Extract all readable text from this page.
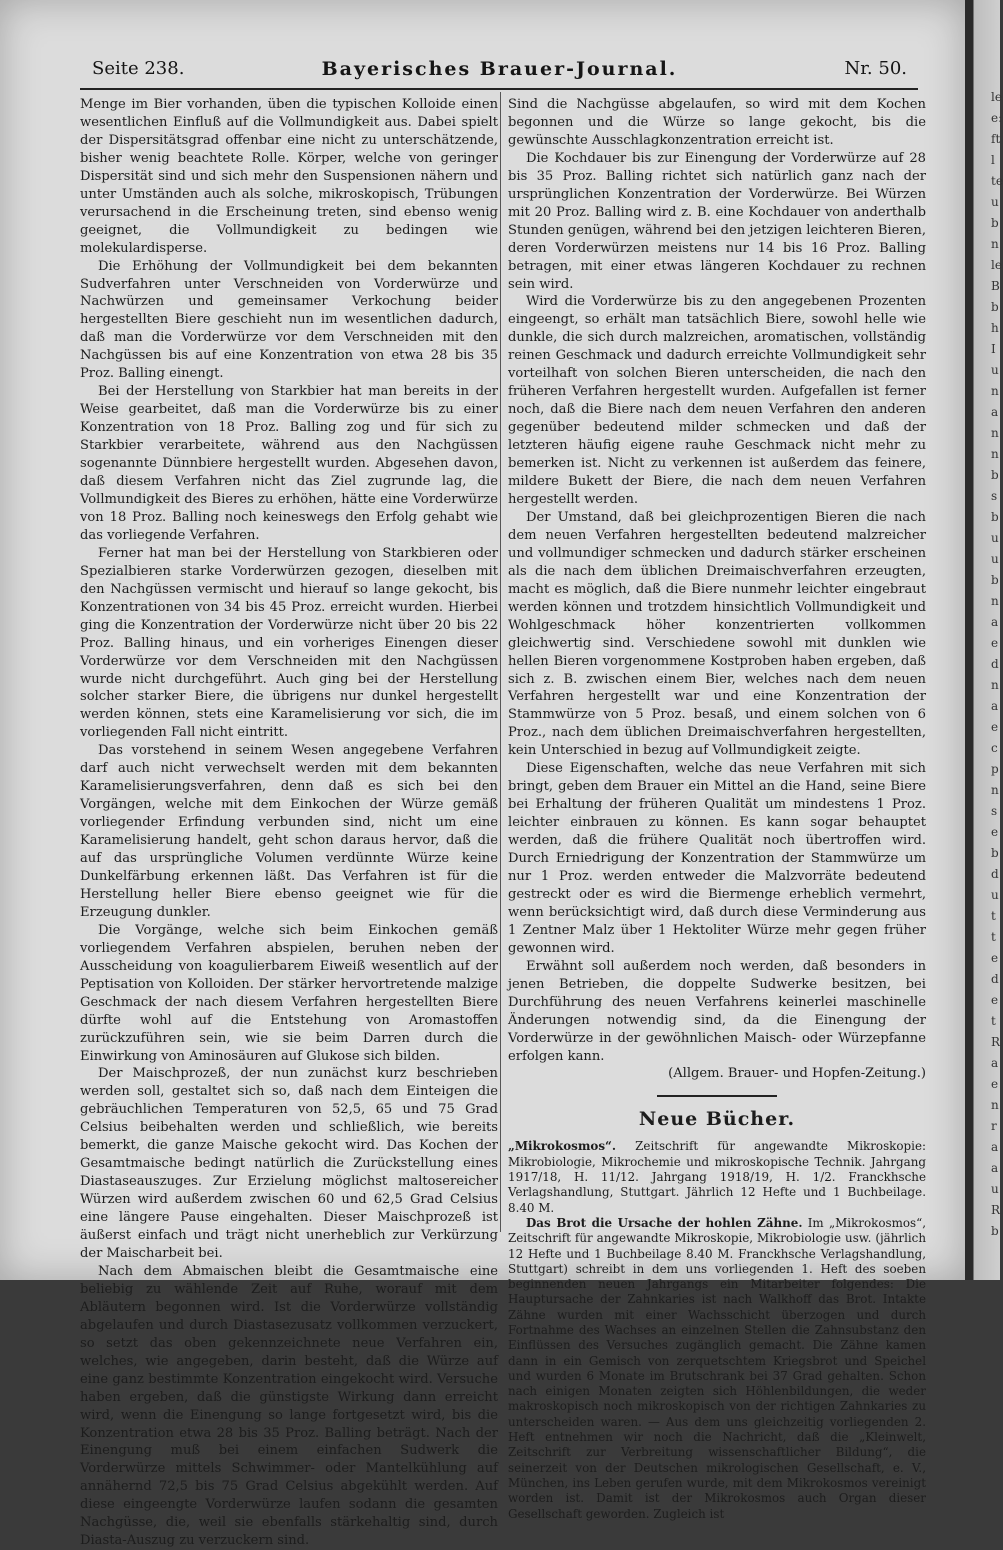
Seite 238.	Bayerisches Brauer-Journal.	Nr. 50.

Menge im Bier vorhanden, üben die typischen Kolloide einen wesentlichen Einfluß auf die Vollmundigkeit aus. Dabei spielt der Dispersitätsgrad offenbar eine nicht zu unterschätzende, bisher wenig beachtete Rolle. Körper, welche von geringer Dispersität sind und sich mehr den Suspensionen nähern und unter Umständen auch als solche, mikroskopisch, Trübungen verursachend in die Erscheinung treten, sind ebenso wenig geeignet, die Vollmundigkeit zu bedingen wie molekulardisperse.

Die Erhöhung der Vollmundigkeit bei dem bekannten Sudverfahren unter Verschneiden von Vorderwürze und Nachwürzen und gemeinsamer Verkochung beider hergestellten Biere geschieht nun im wesentlichen dadurch, daß man die Vorderwürze vor dem Verschneiden mit den Nachgüssen bis auf eine Konzentration von etwa 28 bis 35 Proz. Balling einengt.

Bei der Herstellung von Starkbier hat man bereits in der Weise gearbeitet, daß man die Vorderwürze bis zu einer Konzentration von 18 Proz. Balling zog und für sich zu Starkbier verarbeitete, während aus den Nachgüssen sogenannte Dünnbiere hergestellt wurden. Abgesehen davon, daß diesem Verfahren nicht das Ziel zugrunde lag, die Vollmundigkeit des Bieres zu erhöhen, hätte eine Vorderwürze von 18 Proz. Balling noch keineswegs den Erfolg gehabt wie das vorliegende Verfahren.

Ferner hat man bei der Herstellung von Starkbieren oder Spezialbieren starke Vorderwürzen gezogen, dieselben mit den Nachgüssen vermischt und hierauf so lange gekocht, bis Konzentrationen von 34 bis 45 Proz. erreicht wurden. Hierbei ging die Konzentration der Vorderwürze nicht über 20 bis 22 Proz. Balling hinaus, und ein vorheriges Einengen dieser Vorderwürze vor dem Verschneiden mit den Nachgüssen wurde nicht durchgeführt. Auch ging bei der Herstellung solcher starker Biere, die übrigens nur dunkel hergestellt werden können, stets eine Karamelisierung vor sich, die im vorliegenden Fall nicht eintritt.

Das vorstehend in seinem Wesen angegebene Verfahren darf auch nicht verwechselt werden mit dem bekannten Karamelisierungsverfahren, denn daß es sich bei den Vorgängen, welche mit dem Einkochen der Würze gemäß vorliegender Erfindung verbunden sind, nicht um eine Karamelisierung handelt, geht schon daraus hervor, daß die auf das ursprüngliche Volumen verdünnte Würze keine Dunkelfärbung erkennen läßt. Das Verfahren ist für die Herstellung heller Biere ebenso geeignet wie für die Erzeugung dunkler.

Die Vorgänge, welche sich beim Einkochen gemäß vorliegendem Verfahren abspielen, beruhen neben der Ausscheidung von koagulierbarem Eiweiß wesentlich auf der Peptisation von Kolloiden. Der stärker hervortretende malzige Geschmack der nach diesem Verfahren hergestellten Biere dürfte wohl auf die Entstehung von Aromastoffen zurückzuführen sein, wie sie beim Darren durch die Einwirkung von Aminosäuren auf Glukose sich bilden.

Der Maischprozeß, der nun zunächst kurz beschrieben werden soll, gestaltet sich so, daß nach dem Einteigen die gebräuchlichen Temperaturen von 52,5, 65 und 75 Grad Celsius beibehalten werden und schließlich, wie bereits bemerkt, die ganze Maische gekocht wird. Das Kochen der Gesamtmaische bedingt natürlich die Zurückstellung eines Diastaseauszuges. Zur Erzielung möglichst maltosereicher Würzen wird außerdem zwischen 60 und 62,5 Grad Celsius eine längere Pause eingehalten. Dieser Maischprozeß ist äußerst einfach und trägt nicht unerheblich zur Verkürzung der Maischarbeit bei.

Nach dem Abmaischen bleibt die Gesamtmaische eine beliebig zu wählende Zeit auf Ruhe, worauf mit dem Abläutern begonnen wird. Ist die Vorderwürze vollständig abgelaufen und durch Diastasezusatz vollkommen verzuckert, so setzt das oben gekennzeichnete neue Verfahren ein, welches, wie angegeben, darin besteht, daß die Würze auf eine ganz bestimmte Konzentration eingekocht wird. Versuche haben ergeben, daß die günstigste Wirkung dann erreicht wird, wenn die Einengung so lange fortgesetzt wird, bis die Konzentration etwa 28 bis 35 Proz. Balling beträgt. Nach der Einengung muß bei einem einfachen Sudwerk die Vorderwürze mittels Schwimmer- oder Mantelkühlung auf annähernd 72,5 bis 75 Grad Celsius abgekühlt werden. Auf diese eingeengte Vorderwürze laufen sodann die gesamten Nachgüsse, die, weil sie ebenfalls stärkehaltig sind, durch Diasta-Auszug zu verzuckern sind.

Sind die Nachgüsse abgelaufen, so wird mit dem Kochen begonnen und die Würze so lange gekocht, bis die gewünschte Ausschlagkonzentration erreicht ist.

Die Kochdauer bis zur Einengung der Vorderwürze auf 28 bis 35 Proz. Balling richtet sich natürlich ganz nach der ursprünglichen Konzentration der Vorderwürze. Bei Würzen mit 20 Proz. Balling wird z. B. eine Kochdauer von anderthalb Stunden genügen, während bei den jetzigen leichteren Bieren, deren Vorderwürzen meistens nur 14 bis 16 Proz. Balling betragen, mit einer etwas längeren Kochdauer zu rechnen sein wird.

Wird die Vorderwürze bis zu den angegebenen Prozenten eingeengt, so erhält man tatsächlich Biere, sowohl helle wie dunkle, die sich durch malzreichen, aromatischen, vollständig reinen Geschmack und dadurch erreichte Vollmundigkeit sehr vorteilhaft von solchen Bieren unterscheiden, die nach den früheren Verfahren hergestellt wurden. Aufgefallen ist ferner noch, daß die Biere nach dem neuen Verfahren den anderen gegenüber bedeutend milder schmecken und daß der letzteren häufig eigene rauhe Geschmack nicht mehr zu bemerken ist. Nicht zu verkennen ist außerdem das feinere, mildere Bukett der Biere, die nach dem neuen Verfahren hergestellt werden.

Der Umstand, daß bei gleichprozentigen Bieren die nach dem neuen Verfahren hergestellten bedeutend malzreicher und vollmundiger schmecken und dadurch stärker erscheinen als die nach dem üblichen Dreimaischverfahren erzeugten, macht es möglich, daß die Biere nunmehr leichter eingebraut werden können und trotzdem hinsichtlich Vollmundigkeit und Wohlgeschmack höher konzentrierten vollkommen gleichwertig sind. Verschiedene sowohl mit dunklen wie hellen Bieren vorgenommene Kostproben haben ergeben, daß sich z. B. zwischen einem Bier, welches nach dem neuen Verfahren hergestellt war und eine Konzentration der Stammwürze von 5 Proz. besaß, und einem solchen von 6 Proz., nach dem üblichen Dreimaischverfahren hergestellten, kein Unterschied in bezug auf Vollmundigkeit zeigte.

Diese Eigenschaften, welche das neue Verfahren mit sich bringt, geben dem Brauer ein Mittel an die Hand, seine Biere bei Erhaltung der früheren Qualität um mindestens 1 Proz. leichter einbrauen zu können. Es kann sogar behauptet werden, daß die frühere Qualität noch übertroffen wird. Durch Erniedrigung der Konzentration der Stammwürze um nur 1 Proz. werden entweder die Malzvorräte bedeutend gestreckt oder es wird die Biermenge erheblich vermehrt, wenn berücksichtigt wird, daß durch diese Verminderung aus 1 Zentner Malz über 1 Hektoliter Würze mehr gegen früher gewonnen wird.

Erwähnt soll außerdem noch werden, daß besonders in jenen Betrieben, die doppelte Sudwerke besitzen, bei Durchführung des neuen Verfahrens keinerlei maschinelle Änderungen notwendig sind, da die Einengung der Vorderwürze in der gewöhnlichen Maisch- oder Würzepfanne erfolgen kann.

(Allgem. Brauer- und Hopfen-Zeitung.)

Neue Bücher.

„Mikrokosmos“. Zeitschrift für angewandte Mikroskopie: Mikrobiologie, Mikrochemie und mikroskopische Technik. Jahrgang 1917/18, H. 11/12. Jahrgang 1918/19, H. 1/2. Franckhsche Verlagshandlung, Stuttgart. Jährlich 12 Hefte und 1 Buchbeilage. 8.40 M.

Das Brot die Ursache der hohlen Zähne. Im „Mikrokosmos“, Zeitschrift für angewandte Mikroskopie, Mikrobiologie usw. (jährlich 12 Hefte und 1 Buchbeilage 8.40 M. Franckhsche Verlagshandlung, Stuttgart) schreibt in dem uns vorliegenden 1. Heft des soeben beginnenden neuen Jahrgangs ein Mitarbeiter folgendes: Die Hauptursache der Zahnkaries ist nach Walkhoff das Brot. Intakte Zähne wurden mit einer Wachsschicht überzogen und durch Fortnahme des Wachses an einzelnen Stellen die Zahnsubstanz den Einflüssen des Versuches zugänglich gemacht. Die Zähne kamen dann in ein Gemisch von zerquetschtem Kriegsbrot und Speichel und wurden 6 Monate im Brutschrank bei 37 Grad gehalten. Schon nach einigen Monaten zeigten sich Höhlenbildungen, die weder makroskopisch noch mikroskopisch von der richtigen Zahnkaries zu unterscheiden waren. — Aus dem uns gleichzeitig vorliegenden 2. Heft entnehmen wir noch die Nachricht, daß die „Kleinwelt, Zeitschrift zur Verbreitung wissenschaftlicher Bildung“, die seinerzeit von der Deutschen mikrologischen Gesellschaft, e. V., München, ins Leben gerufen wurde, mit dem Mikrokosmos vereinigt worden ist. Damit ist der Mikrokosmos auch Organ dieser Gesellschaft geworden. Zugleich ist

le
e:
ft
l
te
u
b
n
le
B
b
h
I
u
n
a
n
n
b
s
b
u
u
b
n
a
e
d
n
a
e
c
p
n
s
e
b
d
u
t
t
e
d
e
t
R
a
e
n
r
a
a
u
R
b
